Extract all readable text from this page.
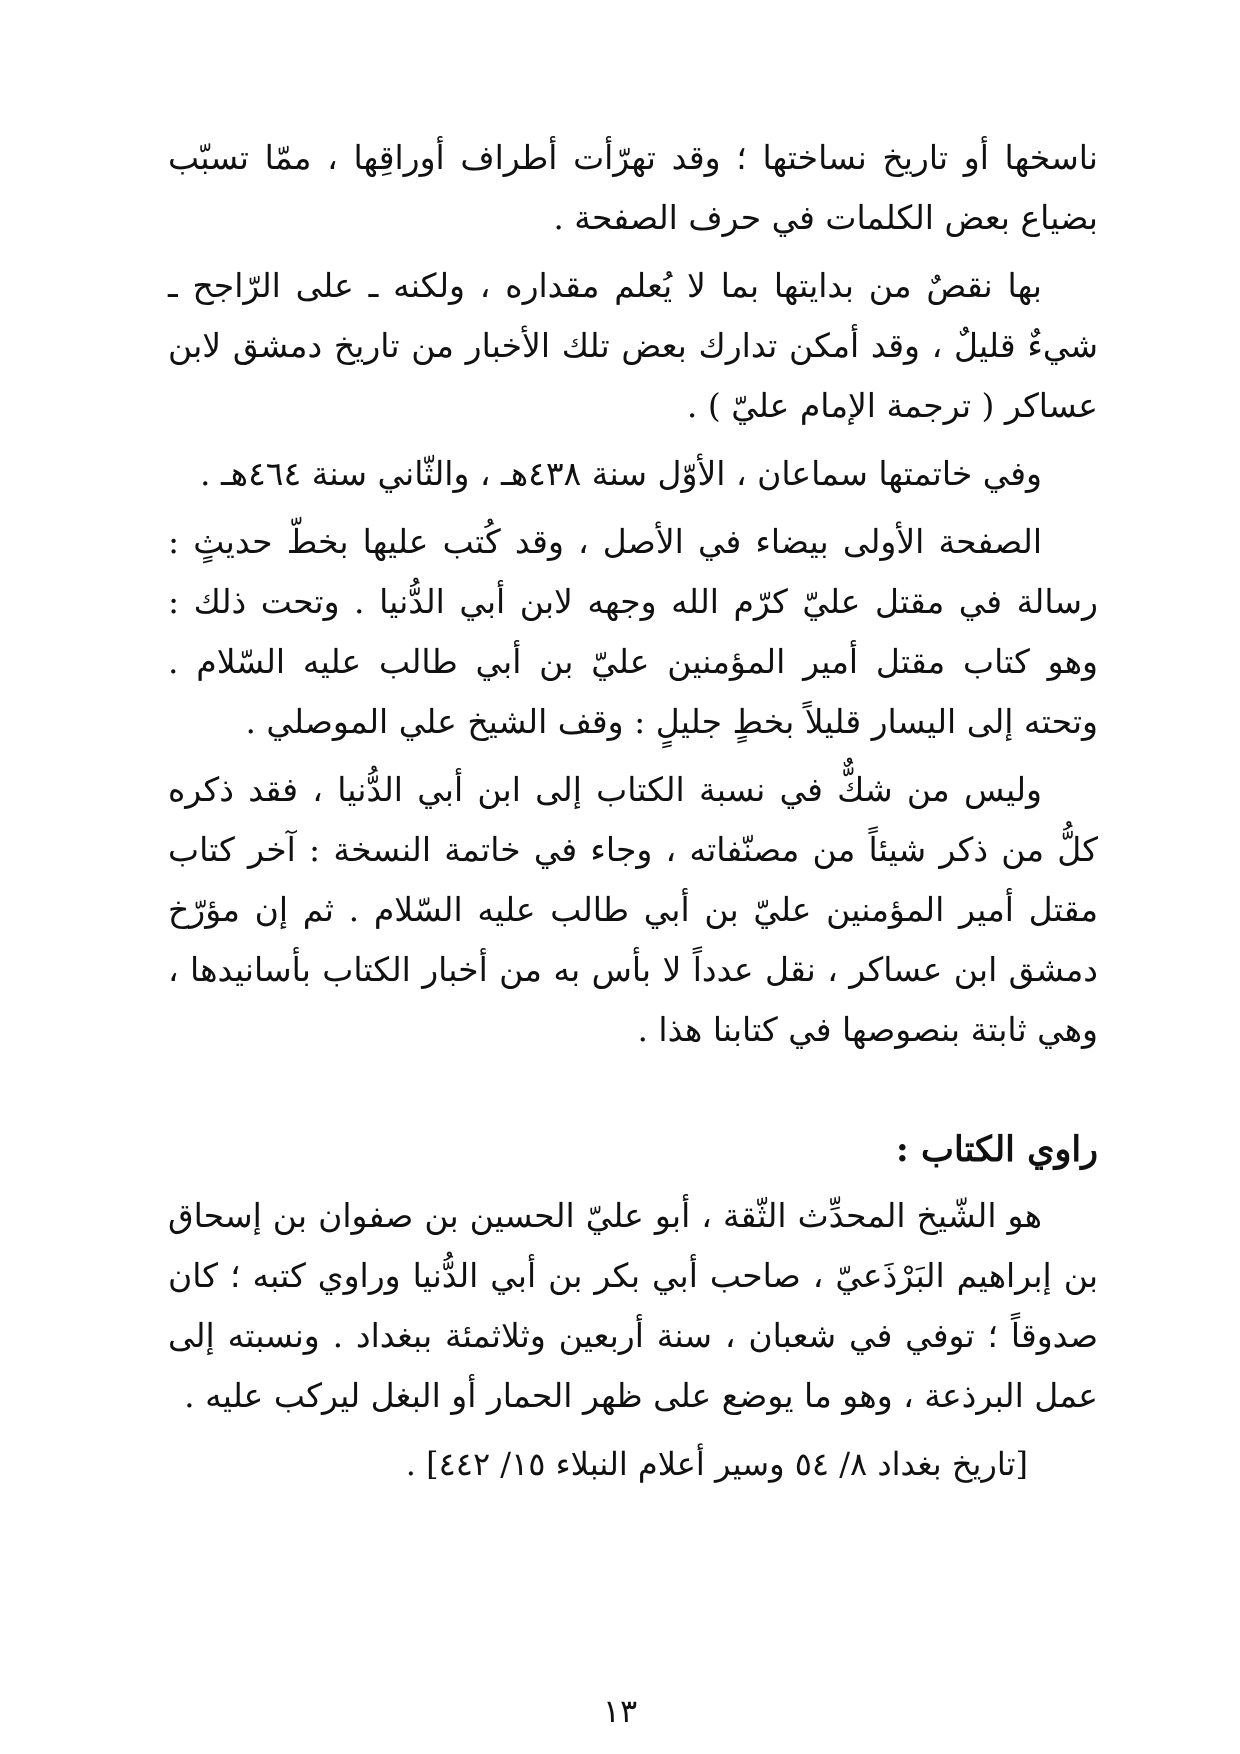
ناسخها أو تاريخ نساختها ؛ وقد تهرّأت أطراف أوراقِها ، ممّا تسبّب بضياع بعض الكلمات في حرف الصفحة .

بها نقصٌ من بدايتها بما لا يُعلم مقداره ، ولكنه ـ على الرّاجح ـ شيءٌ قليلٌ ، وقد أمكن تدارك بعض تلك الأخبار من تاريخ دمشق لابن عساكر ( ترجمة الإمام عليّ ) .

وفي خاتمتها سماعان ، الأوّل سنة ٤٣٨هـ ، والثّاني سنة ٤٦٤هـ .

الصفحة الأولى بيضاء في الأصل ، وقد كُتب عليها بخطّ حديثٍ : رسالة في مقتل عليّ كرّم الله وجهه لابن أبي الدُّنيا . وتحت ذلك : وهو كتاب مقتل أمير المؤمنين عليّ بن أبي طالب عليه السّلام . وتحته إلى اليسار قليلاً بخطٍ جليلٍ : وقف الشيخ علي الموصلي .

وليس من شكٌّ في نسبة الكتاب إلى ابن أبي الدُّنيا ، فقد ذكره كلُّ من ذكر شيئاً من مصنّفاته ، وجاء في خاتمة النسخة : آخر كتاب مقتل أمير المؤمنين عليّ بن أبي طالب عليه السّلام . ثم إن مؤرّخ دمشق ابن عساكر ، نقل عدداً لا بأس به من أخبار الكتاب بأسانيدها ، وهي ثابتة بنصوصها في كتابنا هذا .

راوي الكتاب :

هو الشّيخ المحدِّث الثّقة ، أبو عليّ الحسين بن صفوان بن إسحاق بن إبراهيم البَرْذَعيّ ، صاحب أبي بكر بن أبي الدُّنيا وراوي كتبه ؛ كان صدوقاً ؛ توفي في شعبان ، سنة أربعين وثلاثمئة ببغداد . ونسبته إلى عمل البرذعة ، وهو ما يوضع على ظهر الحمار أو البغل ليركب عليه .

[تاريخ بغداد ٨/ ٥٤ وسير أعلام النبلاء ١٥/ ٤٤٢] .

١٣
